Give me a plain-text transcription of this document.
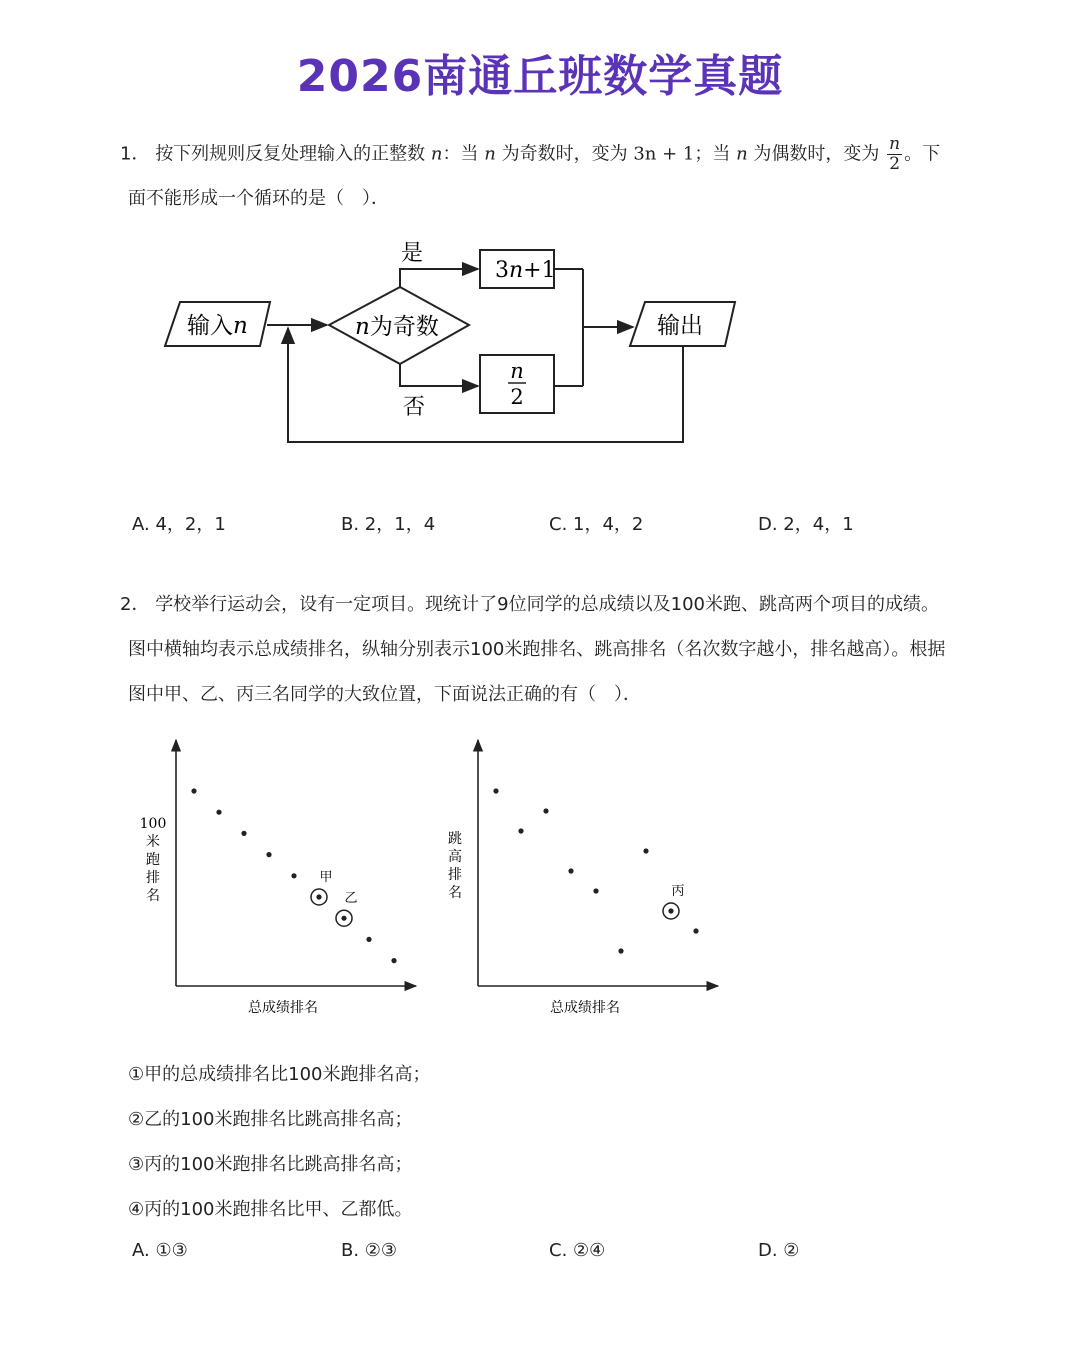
2026南通丘班数学真题
1． 按下列规则反复处理输入的正整数 n：当 n 为奇数时，变为 3n + 1；当 n 为偶数时，变为 $\frac{n}{2}$ 。下
面不能形成一个循环的是（　）．
输入n	n为奇数
是
3n+1
否
n
2
输出
A. 4，2，1	B. 2，1，4	C. 1，4，2	D. 2，4，1
2． 学校举行运动会，设有一定项目。现统计了9位同学的总成绩以及100米跑、跳高两个项目的成绩。
图中横轴均表示总成绩排名，纵轴分别表示100米跑排名、跳高排名（名次数字越小，排名越高）。根据
图中甲、乙、丙三名同学的大致位置，下面说法正确的有（　）．
总成绩排名
100
米
跑
排
名
甲
乙
总成绩排名
跳
高
排
名	丙
①甲的总成绩排名比100米跑排名高；
②乙的100米跑排名比跳高排名高；
③丙的100米跑排名比跳高排名高；
④丙的100米跑排名比甲、乙都低。
A. ①③	B. ②③	C. ②④	D. ②
